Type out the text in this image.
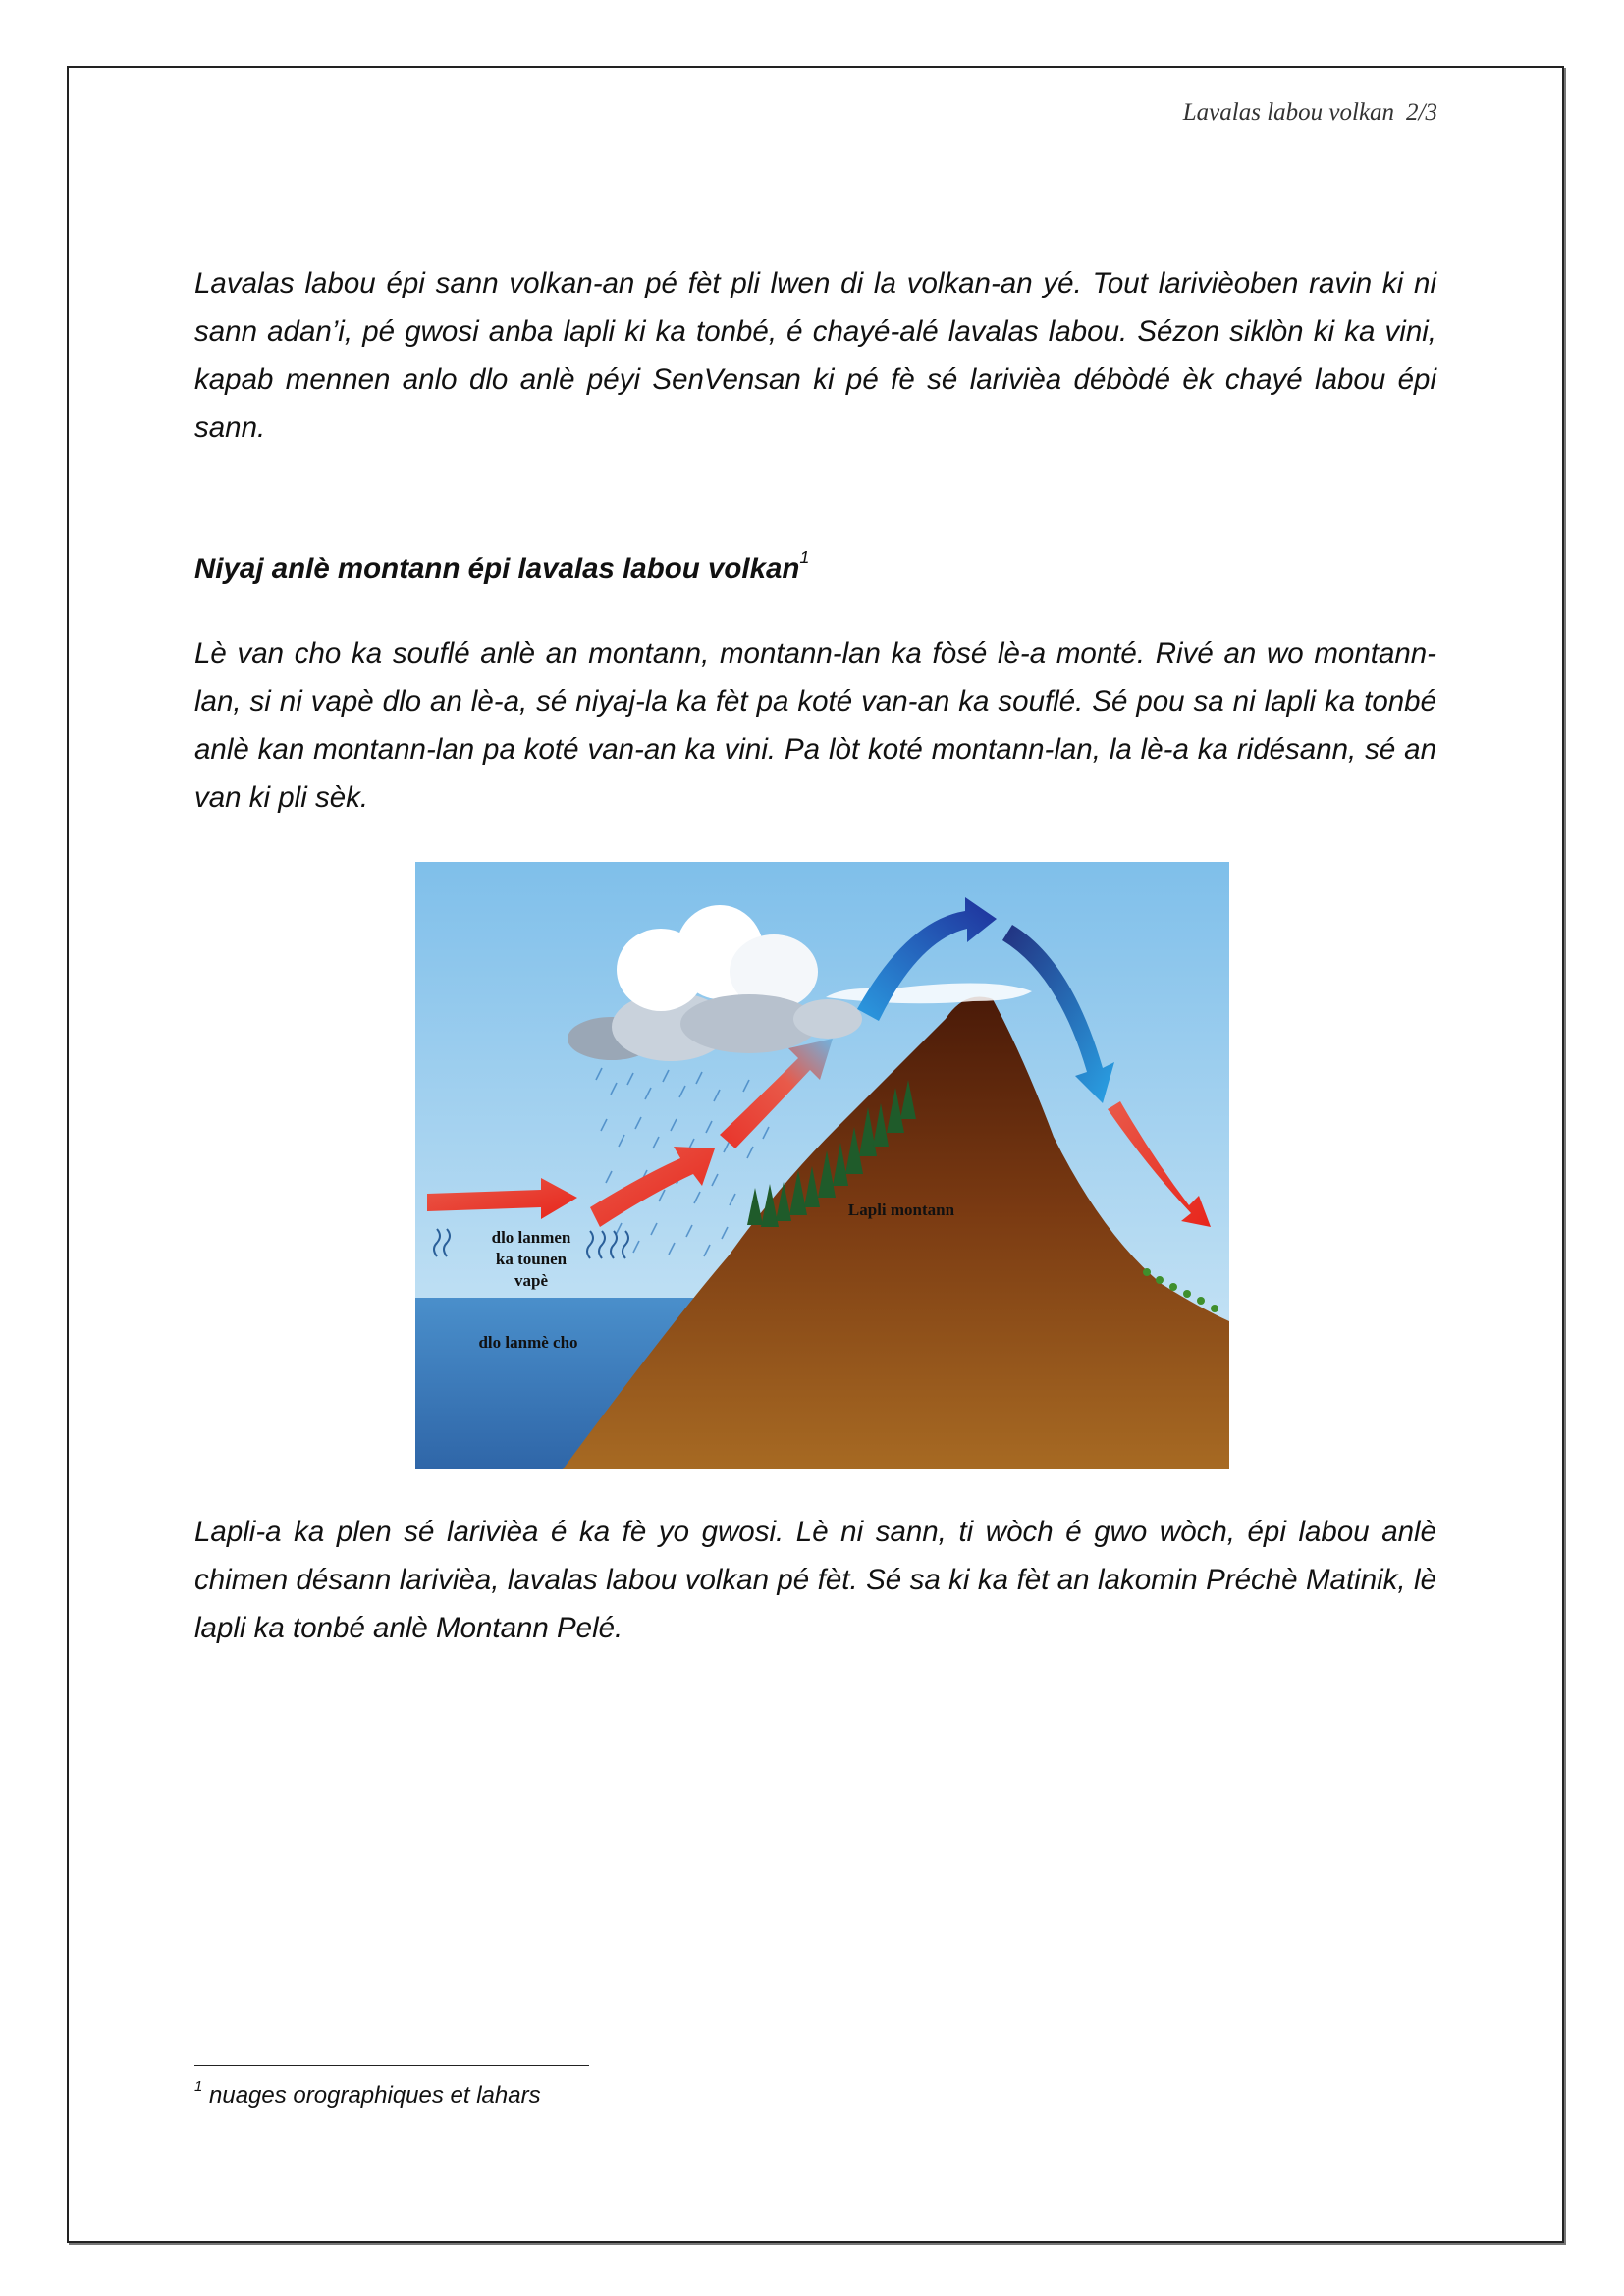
Lavalas labou volkan 2/3

Lavalas labou épi sann volkan-an pé fèt pli lwen di la volkan-an yé. Tout larivièoben ravin ki ni sann adan’i, pé gwosi anba lapli ki ka tonbé, é chayé-alé lavalas labou. Sézon siklòn ki ka vini, kapab mennen anlo dlo anlè péyi SenVensan ki pé fè sé larivièa débòdé èk chayé labou épi sann.

Niyaj anlè montann épi lavalas labou volkan$^1$

Lè van cho ka souflé anlè an montann, montann-lan ka fòsé lè-a monté. Rivé an wo montann-lan, si ni vapè dlo an lè-a, sé niyaj-la ka fèt pa koté van-an ka souflé. Sé pou sa ni lapli ka tonbé anlè kan montann-lan pa koté van-an ka vini. Pa lòt koté montann-lan, la lè-a ka ridésann, sé an van ki pli sèk.

dlo lanmen
ka tounen
vapè
dlo lanmè cho
Lapli montann

Lapli-a ka plen sé larivièa é ka fè yo gwosi. Lè ni sann, ti wòch é gwo wòch, épi labou anlè chimen désann larivièa, lavalas labou volkan pé fèt. Sé sa ki ka fèt an lakomin Préchè Matinik, lè lapli ka tonbé anlè Montann Pelé.

$^1$ nuages orographiques et lahars
